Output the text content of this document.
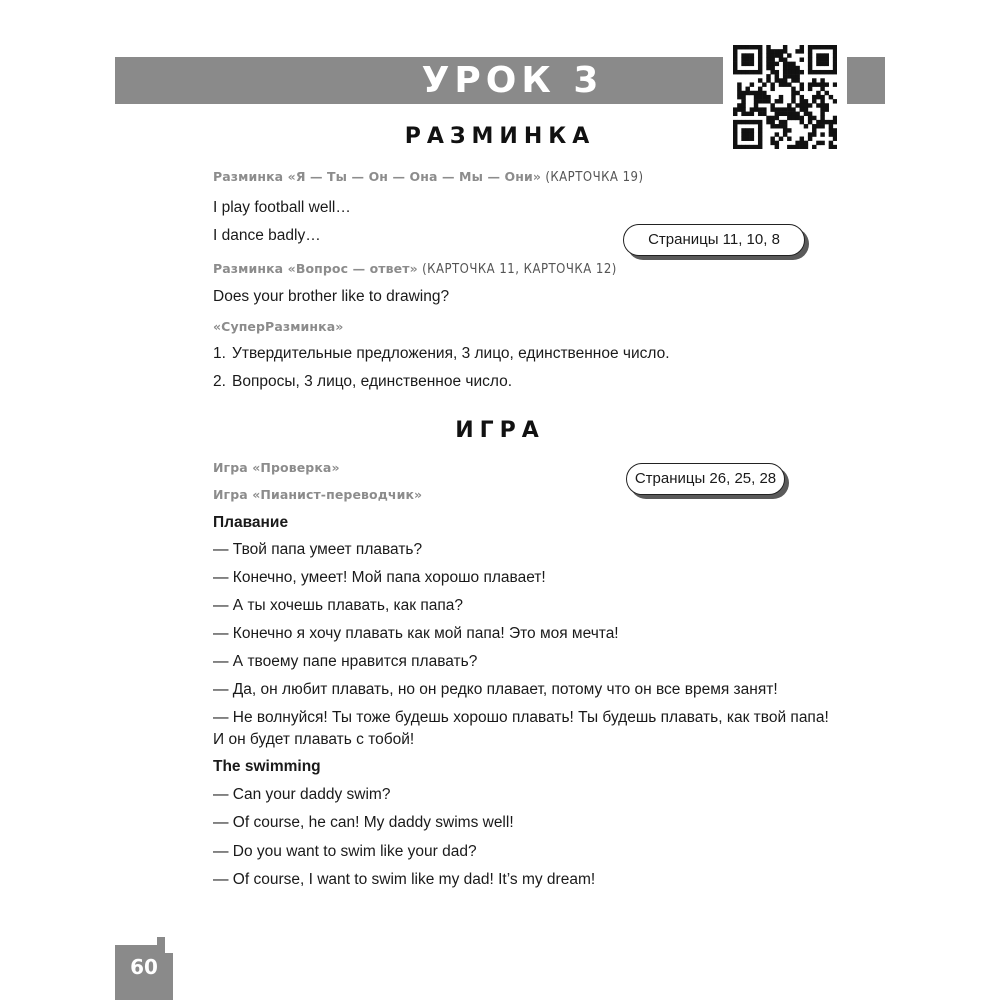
УРОК 3
РАЗМИНКА
Разминка «Я — Ты — Он — Она — Мы — Они» (КАРТОЧКА 19)
I play football well…
I dance badly…	Страницы 11, 10, 8
Разминка «Вопрос — ответ» (КАРТОЧКА 11, КАРТОЧКА 12)
Does your brother like to drawing?
«СуперРазминка»
1. Утвердительные предложения, 3 лицо, единственное число.
2. Вопросы, 3 лицо, единственное число.
ИГРА
Игра «Проверка»
Игра «Пианист-переводчик»
Страницы 26, 25, 28
Плавание
— Твой папа умеет плавать?
— Конечно, умеет! Мой папа хорошо плавает!
— А ты хочешь плавать, как папа?
— Конечно я хочу плавать как мой папа! Это моя мечта!
— А твоему папе нравится плавать?
— Да, он любит плавать, но он редко плавает, потому что он все время занят!
— Не волнуйся! Ты тоже будешь хорошо плавать! Ты будешь плавать, как твой папа!
И он будет плавать с тобой!
The swimming
— Can your daddy swim?
— Of course, he can! My daddy swims well!
— Do you want to swim like your dad?
— Of course, I want to swim like my dad! It’s my dream!
60
